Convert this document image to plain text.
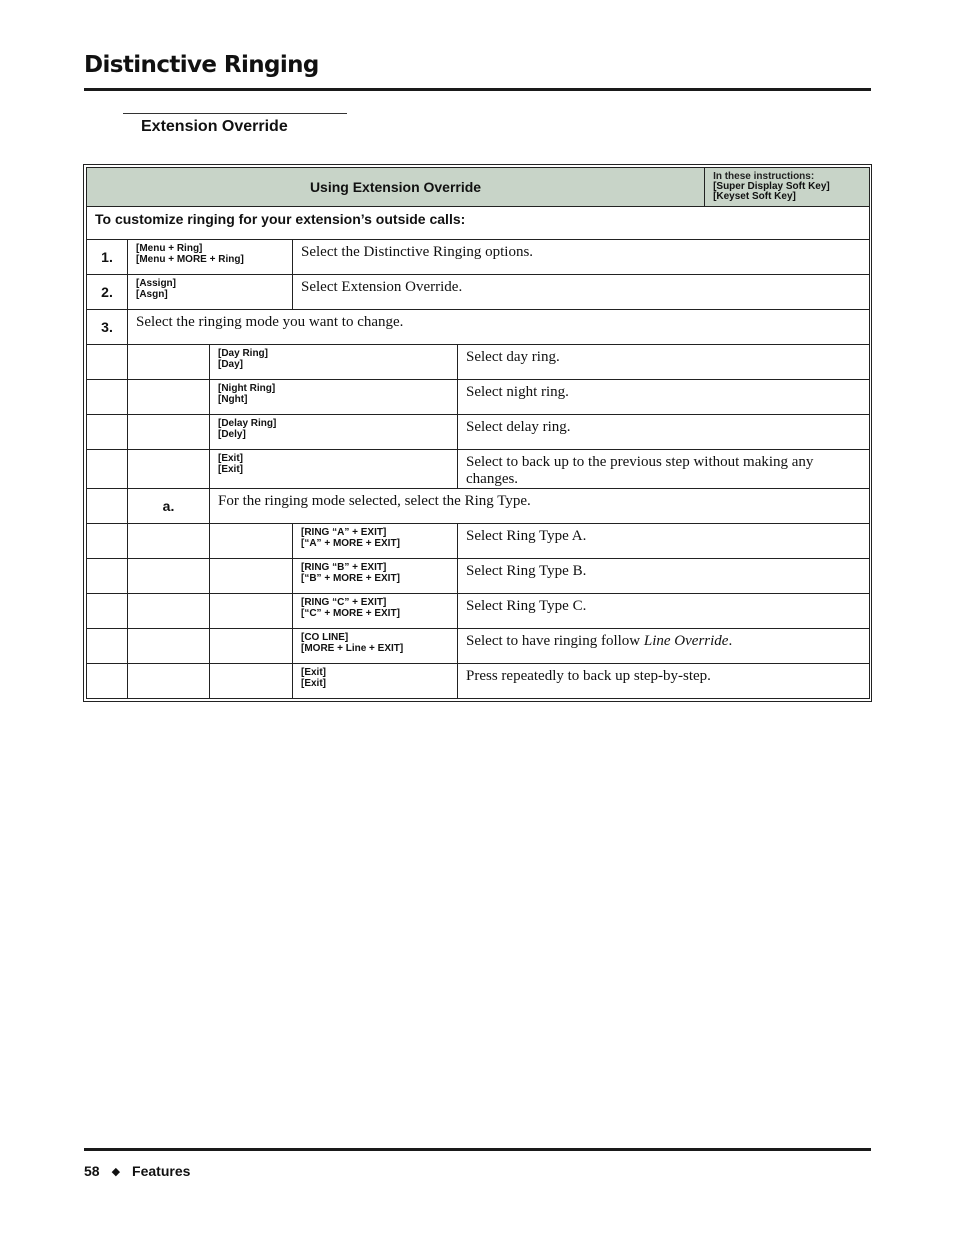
Distinctive Ringing
Extension Override
Using Extension Override					In these instructions:
[Super Display Soft Key]
[Keyset Soft Key]

To customize ringing for your extension’s outside calls:					
1.	[Menu + Ring]
[Menu + MORE + Ring]		Select the Distinctive Ringing options.		
2.	[Assign]
[Asgn]		Select Extension Override.		
3.	Select the ringing mode you want to change.				

		[Day Ring]
[Day]		Select day ring.	

		[Night Ring]
[Nght]		Select night ring.	

		[Delay Ring]
[Dely]		Select delay ring.	

		[Exit]
[Exit]		Select to back up to the previous step without making any changes.	
	a.	For the ringing mode selected, select the Ring Type.			

			[RING “A” + EXIT]
[“A” + MORE + EXIT]	Select Ring Type A.	

			[RING “B” + EXIT]
[“B” + MORE + EXIT]	Select Ring Type B.	

			[RING “C” + EXIT]
[“C” + MORE + EXIT]	Select Ring Type C.	

			[CO LINE]
[MORE + Line + EXIT]	Select to have ringing follow Line Override.	

			[Exit]
[Exit]	Press repeatedly to back up step-by-step.	
58 ◆ Features
